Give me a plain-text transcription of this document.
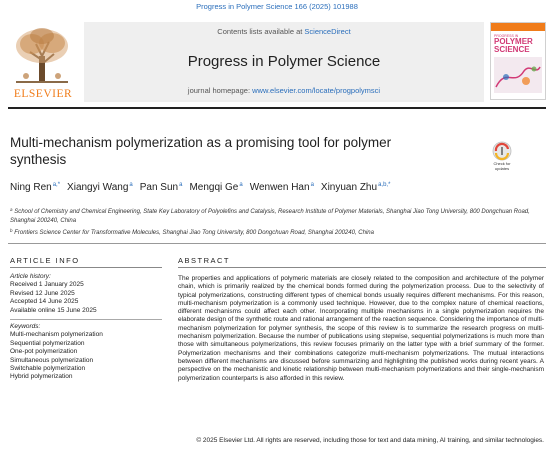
Progress in Polymer Science 166 (2025) 101988
ELSEVIER
Contents lists available at ScienceDirect
Progress in Polymer Science
journal homepage: www.elsevier.com/locate/progpolymsci
PROGRESS IN
POLYMER SCIENCE
Multi-mechanism polymerization as a promising tool for polymer synthesis	Check for updates
Ning Ren$^{a,*}$ Xiangyi Wang$^a$ Pan Sun$^a$ Mengqi Ge$^a$ Wenwen Han$^a$ Xinyuan Zhu$^{a,b,*}$
$^a$ School of Chemistry and Chemical Engineering, State Key Laboratory of Polyolefins and Catalysis, Research Institute of Polymer Materials, Shanghai Jiao Tong University, 800 Dongchuan Road, Shanghai 200240, China
$^b$ Frontiers Science Center for Transformative Molecules, Shanghai Jiao Tong University, 800 Dongchuan Road, Shanghai 200240, China
ARTICLE INFO	ABSTRACT
Article history:
Received 1 January 2025
Revised 12 June 2025
Accepted 14 June 2025
Available online 15 June 2025
Keywords:
Multi-mechanism polymerization
Sequential polymerization
One-pot polymerization
Simultaneous polymerization
Switchable polymerization
Hybrid polymerization
The properties and applications of polymeric materials are closely related to the composition and architecture of the polymer chain, which is primarily realized by the chemical bonds formed during the polymerization process. Due to the selectivity of typical polymerizations, constructing different types of chemical bonds usually requires different mechanisms. For this reason, multi-mechanism polymerization is a commonly used technique. However, due to the complex nature of chemical reactions, different mechanisms could affect each other. Incorporating multiple mechanisms in a single polymerization requires the elaborate design of the synthetic route and rational arrangement of the reaction sequence. Considering the importance of multi-mechanism polymerization for polymer synthesis, the scope of this review is to summarize the research progress on multi-mechanism polymerization. Because the number of publications using stepwise, sequential polymerizations is much more than those with simultaneous polymerizations, this review focuses primarily on the latter type with a brief summary of the former. Polymerization mechanisms and their combinations categorize multi-mechanism polymerizations. The mutual interactions between different mechanisms are discussed before summarizing and highlighting the published works during recent years. A perspective on the mechanistic and kinetic relationship between multi-mechanism polymerizations and their single-mechanism polymerization counterparts is also afforded in this review.
© 2025 Elsevier Ltd. All rights are reserved, including those for text and data mining, AI training, and similar technologies.
